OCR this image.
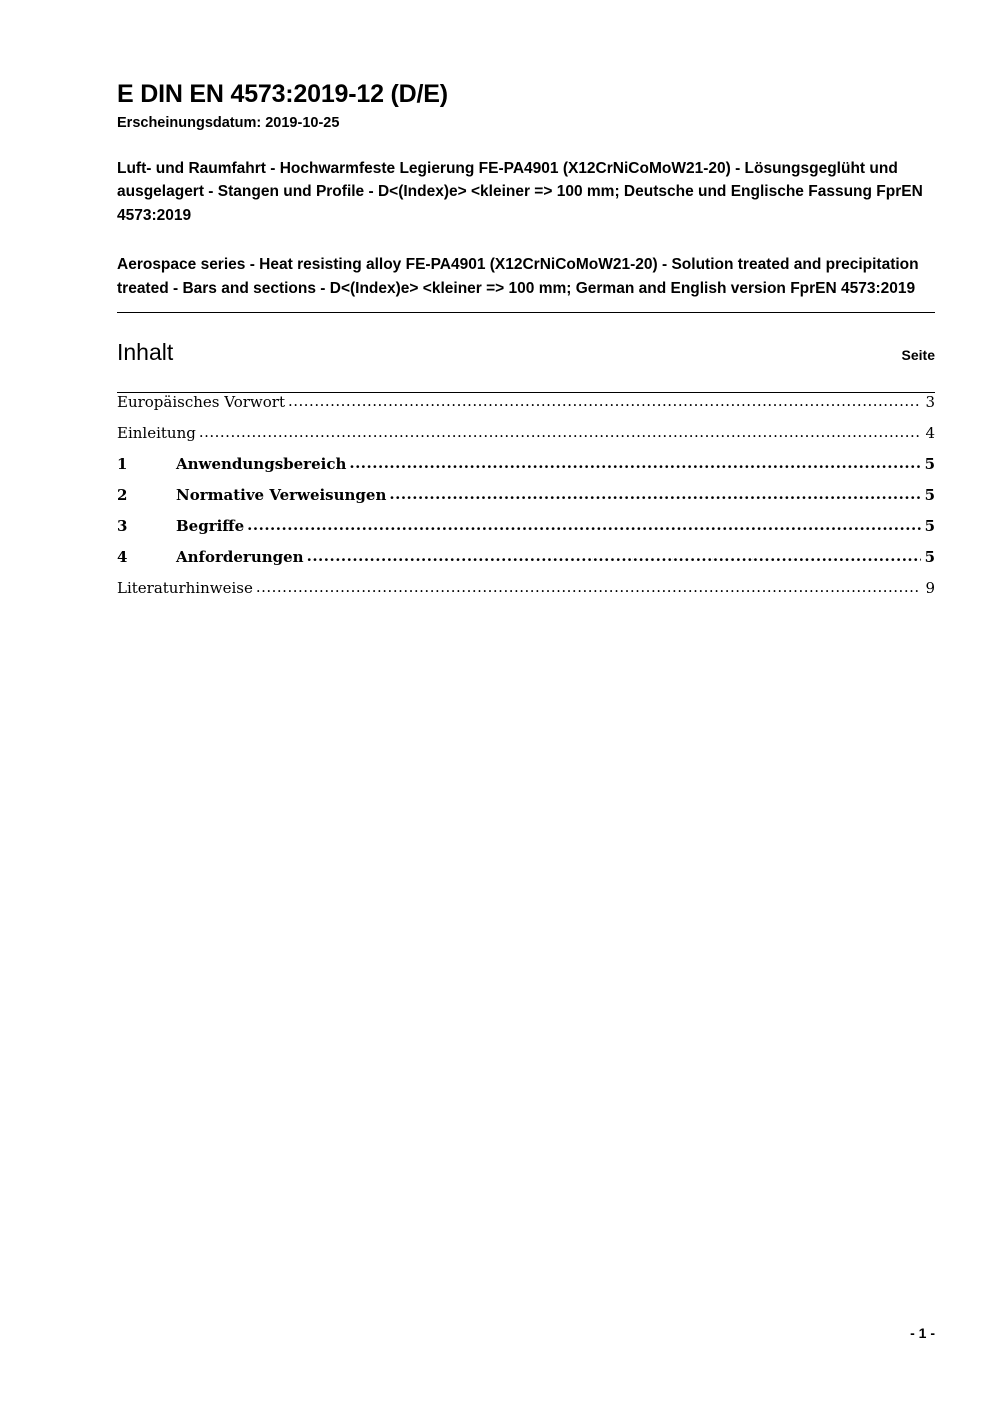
E DIN EN 4573:2019-12 (D/E)
Erscheinungsdatum: 2019-10-25
Luft- und Raumfahrt - Hochwarmfeste Legierung FE-PA4901 (X12CrNiCoMoW21-20) - Lösungsgeglüht und ausgelagert - Stangen und Profile - D<(Index)e> <kleiner => 100 mm; Deutsche und Englische Fassung FprEN 4573:2019
Aerospace series - Heat resisting alloy FE-PA4901 (X12CrNiCoMoW21-20) - Solution treated and precipitation treated - Bars and sections - D<(Index)e> <kleiner => 100 mm; German and English version FprEN 4573:2019
Inhalt	Seite
Europäisches Vorwort .....	3
Einleitung .....	4
1	Anwendungsbereich .....	5
2	Normative Verweisungen .....	5
3	Begriffe .....	5
4	Anforderungen .....	5
Literaturhinweise .....	9
- 1 -
